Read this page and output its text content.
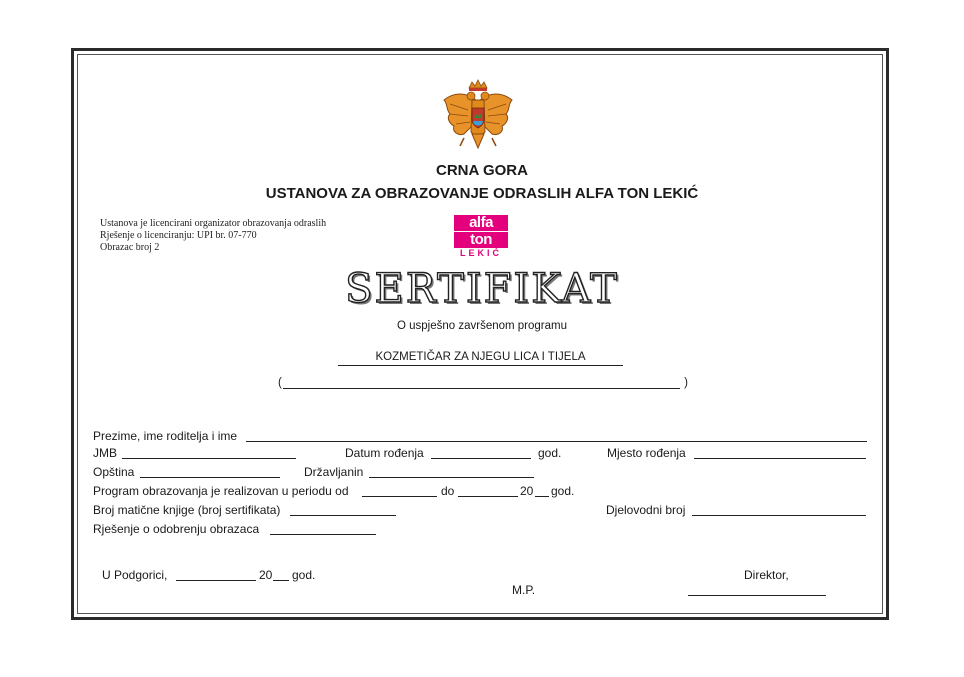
CRNA GORA
USTANOVA ZA OBRAZOVANJE ODRASLIH ALFA TON LEKIĆ
Ustanova je licencirani organizator obrazovanja odraslih
Rješenje o licenciranju: UPI br. 07-770
Obrazac broj 2
alfa
ton
LEKIĆ
SERTIFIKAT
O uspješno završenom programu
KOZMETIČAR ZA NJEGU LICA I TIJELA
(	)
Prezime, ime roditelja i ime
JMB	Datum rođenja	god.	Mjesto rođenja
Opština	Državljanin
Program obrazovanja je realizovan u periodu od	do	20 god.
Broj matične knjige (broj sertifikata)	Djelovodni broj
Rješenje o odobrenju obrazaca
U Podgorici,	20 god.
M.P.
Direktor,
